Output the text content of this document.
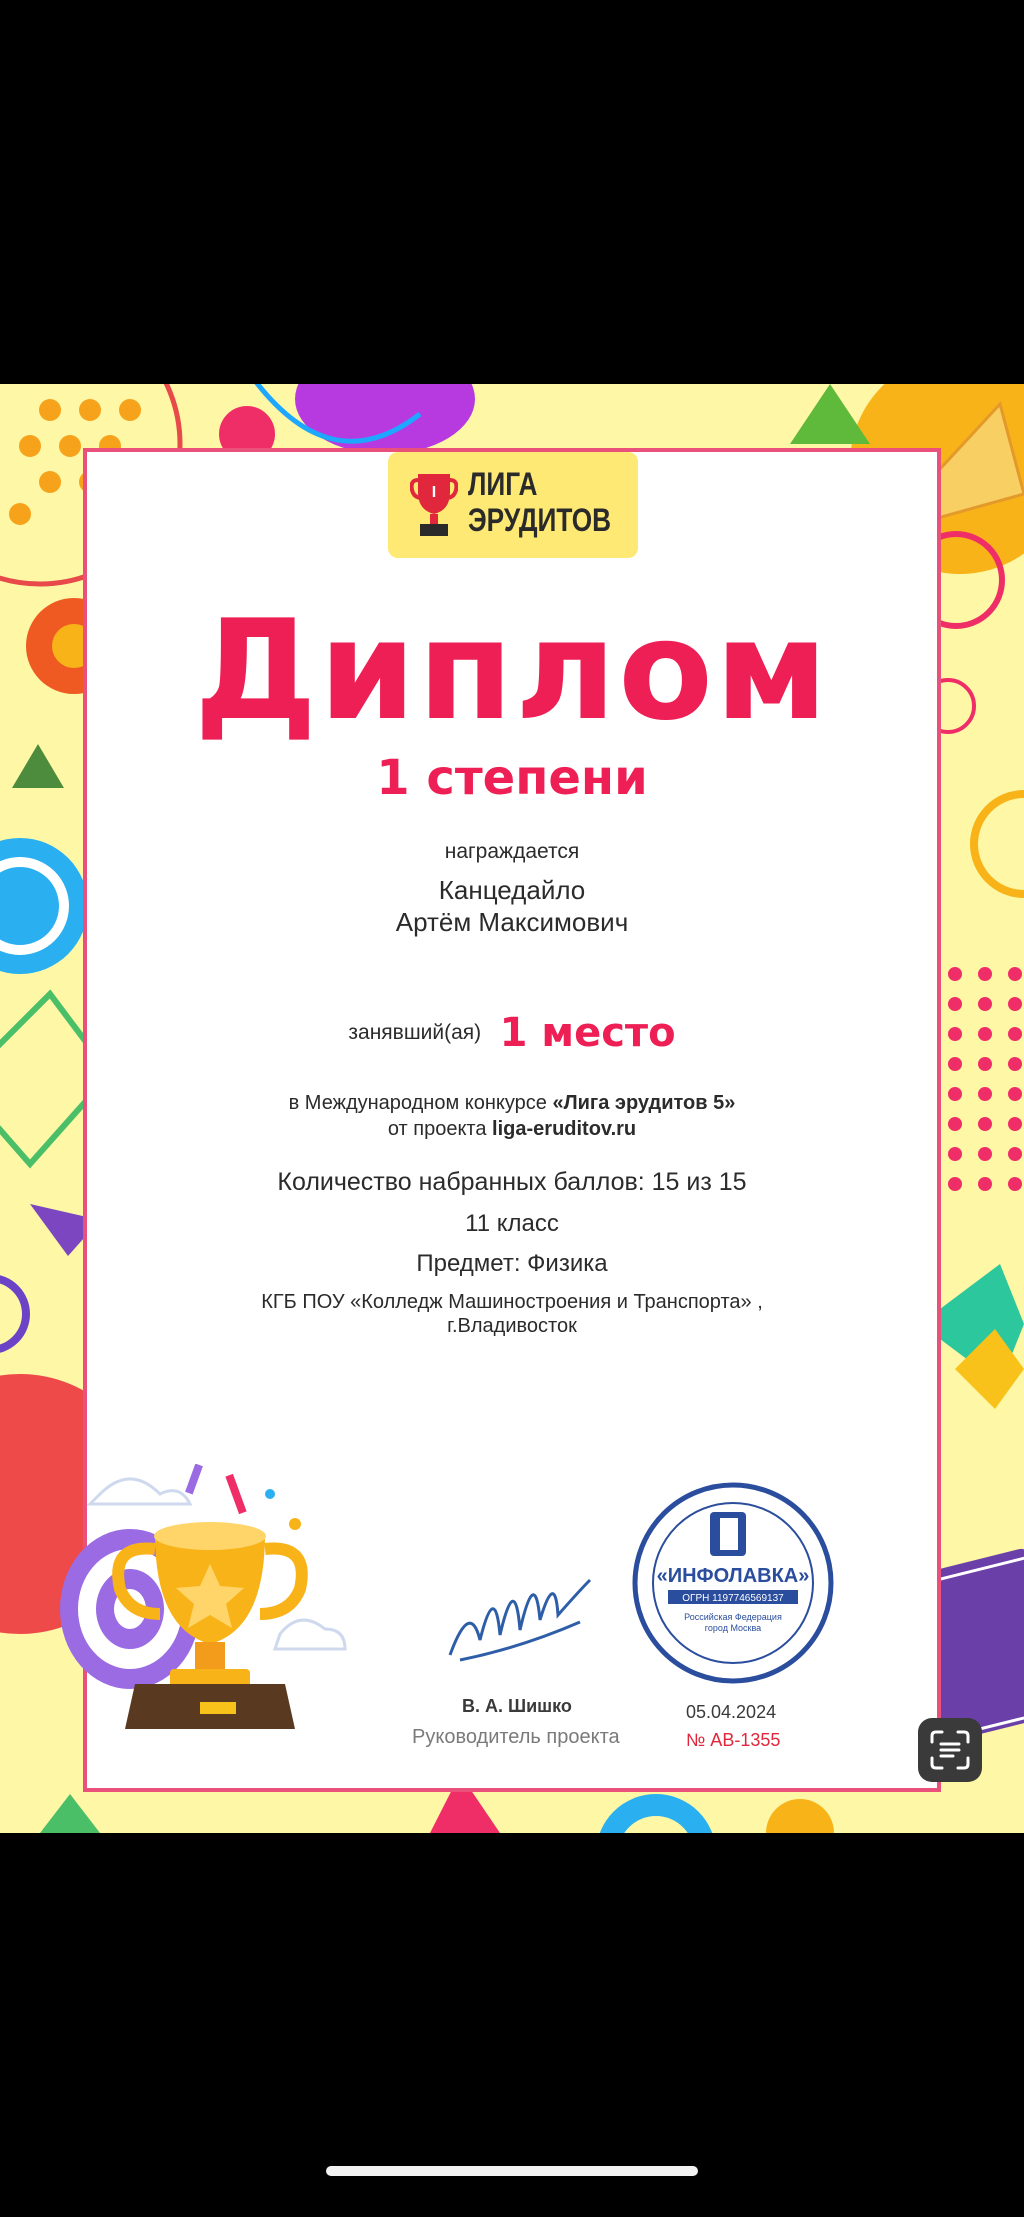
I ЛИГА
ЭРУДИТОВ
Диплом
1 степени
награждается
Канцедайло
Артём Максимович
занявший(ая) 1 место
в Международном конкурсе «Лига эрудитов 5»
от проекта liga-eruditov.ru
Количество набранных баллов: 15 из 15
11 класс
Предмет: Физика
КГБ ПОУ «Колледж Машиностроения и Транспорта» ,
г.Владивосток
«ИНФОЛАВКА»
ОГРН 1197746569137
Российская Федерация
город Москва
В. А. Шишко
Руководитель проекта
05.04.2024
№ АВ-1355
